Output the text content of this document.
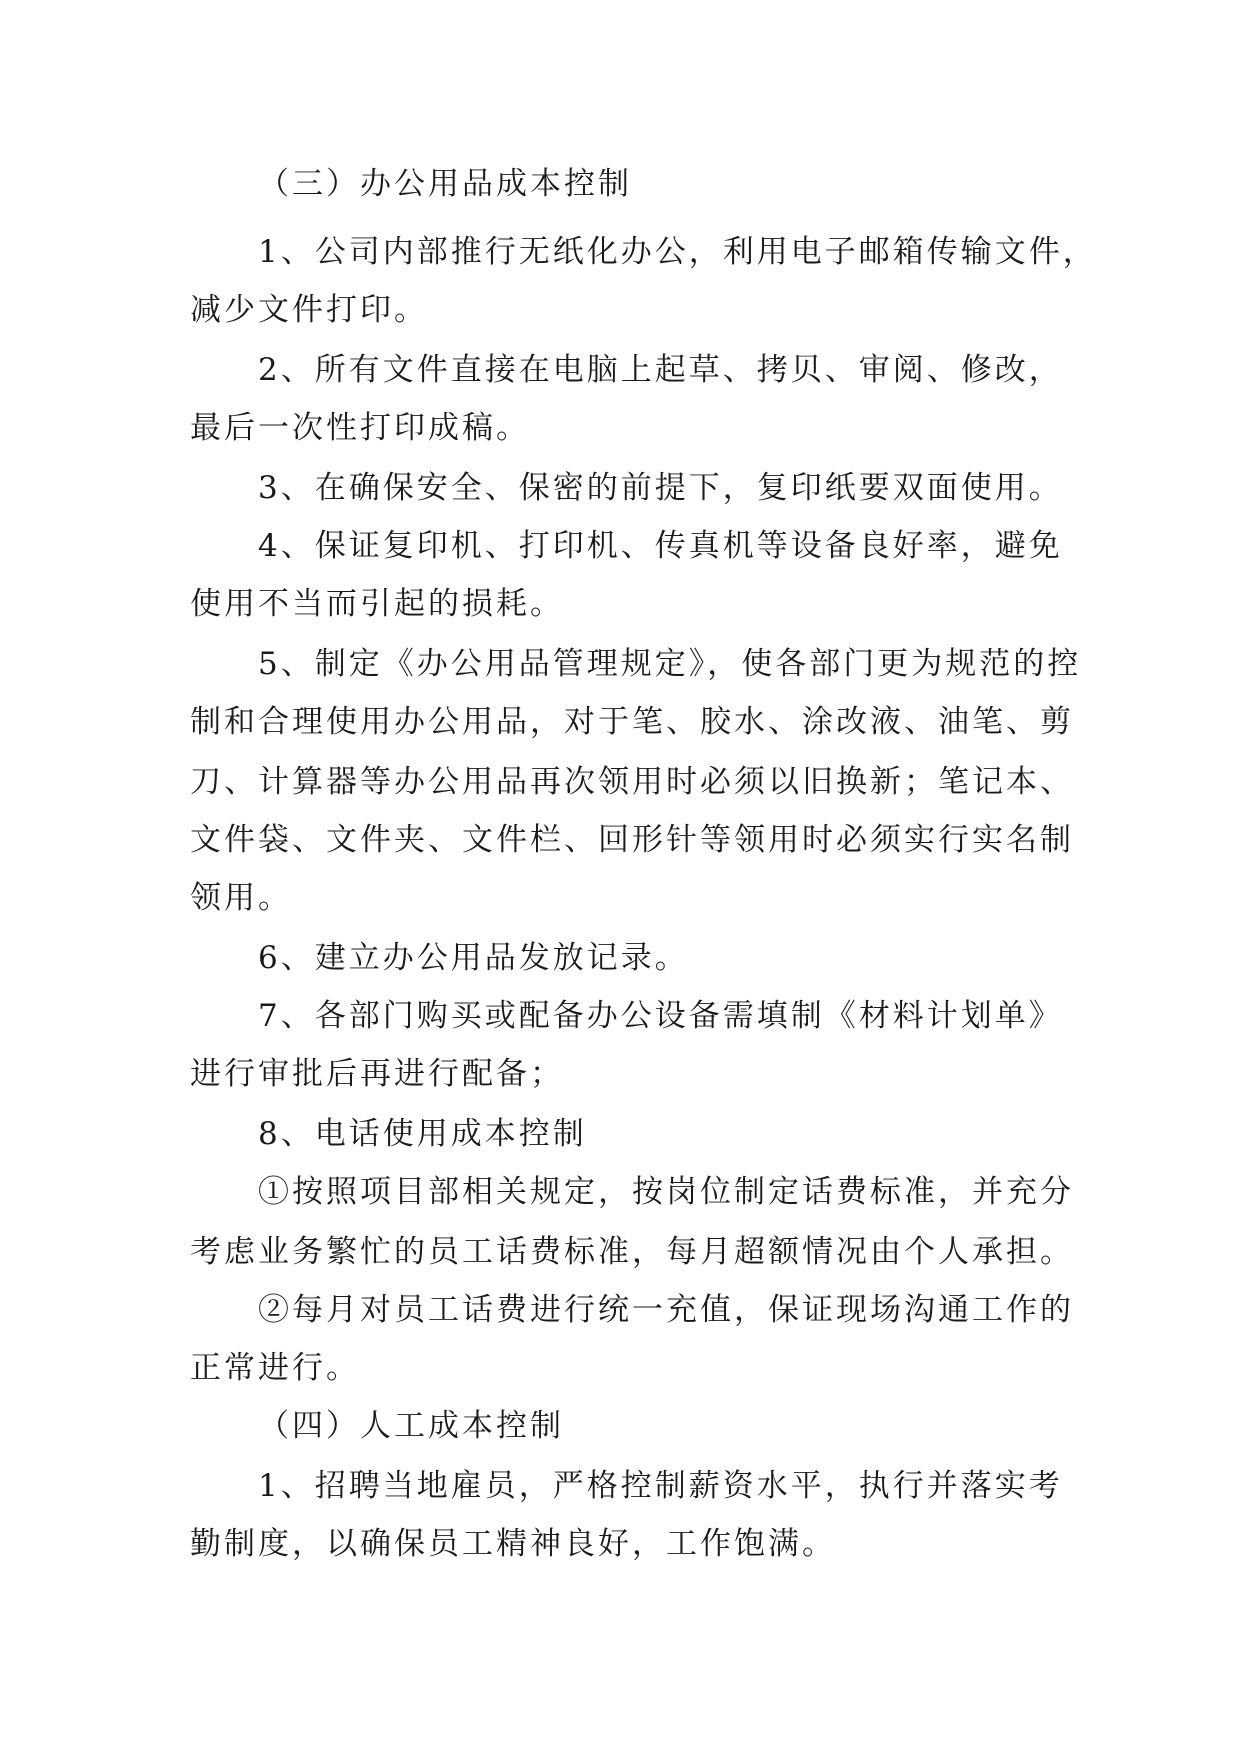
（三）办公用品成本控制
1、公司内部推行无纸化办公，利用电子邮箱传输文件，
减少文件打印。
2、所有文件直接在电脑上起草、拷贝、审阅、修改，
最后一次性打印成稿。
3、在确保安全、保密的前提下，复印纸要双面使用。
4、保证复印机、打印机、传真机等设备良好率，避免
使用不当而引起的损耗。
5、制定《办公用品管理规定》，使各部门更为规范的控
制和合理使用办公用品，对于笔、胶水、涂改液、油笔、剪
刀、计算器等办公用品再次领用时必须以旧换新；笔记本、
文件袋、文件夹、文件栏、回形针等领用时必须实行实名制
领用。
6、建立办公用品发放记录。
7、各部门购买或配备办公设备需填制《材料计划单》
进行审批后再进行配备；
8、电话使用成本控制
①按照项目部相关规定，按岗位制定话费标准，并充分
考虑业务繁忙的员工话费标准，每月超额情况由个人承担。
②每月对员工话费进行统一充值，保证现场沟通工作的
正常进行。
（四）人工成本控制
1、招聘当地雇员，严格控制薪资水平，执行并落实考
勤制度，以确保员工精神良好，工作饱满。
